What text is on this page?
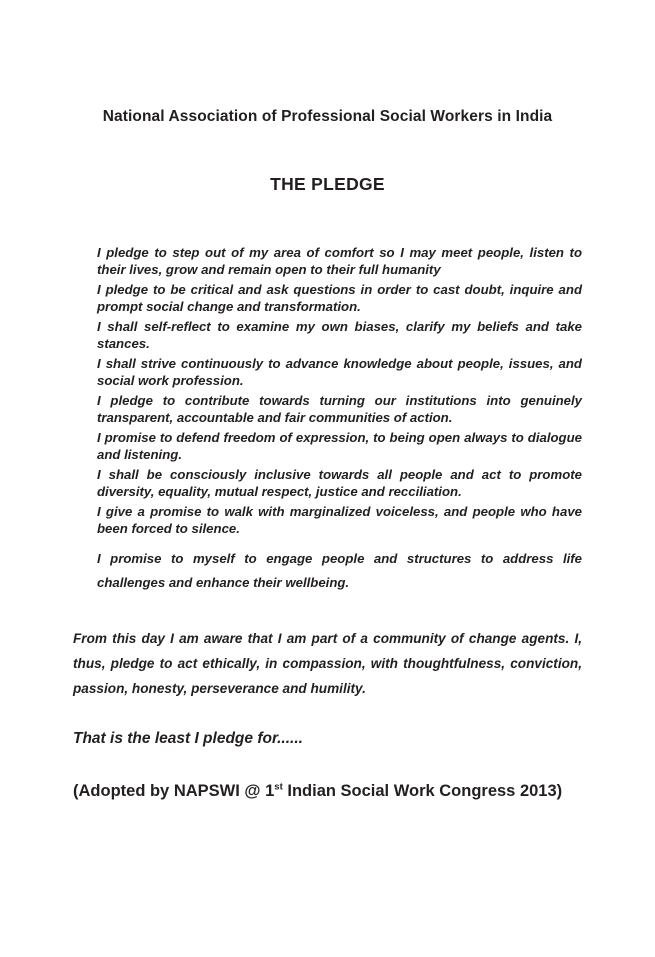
National Association of Professional Social Workers in India
THE PLEDGE

I pledge to step out of my area of comfort so I may meet people, listen to their lives, grow and remain open to their full humanity

I pledge to be critical and ask questions in order to cast doubt, inquire and prompt social change and transformation.

I shall self-reflect to examine my own biases, clarify my beliefs and take stances.

I shall strive continuously to advance knowledge about people, issues, and social work profession.

I pledge to contribute towards turning our institutions into genuinely transparent, accountable and fair communities of action.

I promise to defend freedom of expression, to being open always to dialogue and listening.

I shall be consciously inclusive towards all people and act to promote diversity, equality, mutual respect, justice and recciliation.

I give a promise to walk with marginalized voiceless, and people who have been forced to silence.

I promise to myself to engage people and structures to address life challenges and enhance their wellbeing.

From this day I am aware that I am part of a community of change agents. I, thus, pledge to act ethically, in compassion, with thoughtfulness, conviction, passion, honesty, perseverance and humility.

That is the least I pledge for......

(Adopted by NAPSWI @ 1st Indian Social Work Congress 2013)
